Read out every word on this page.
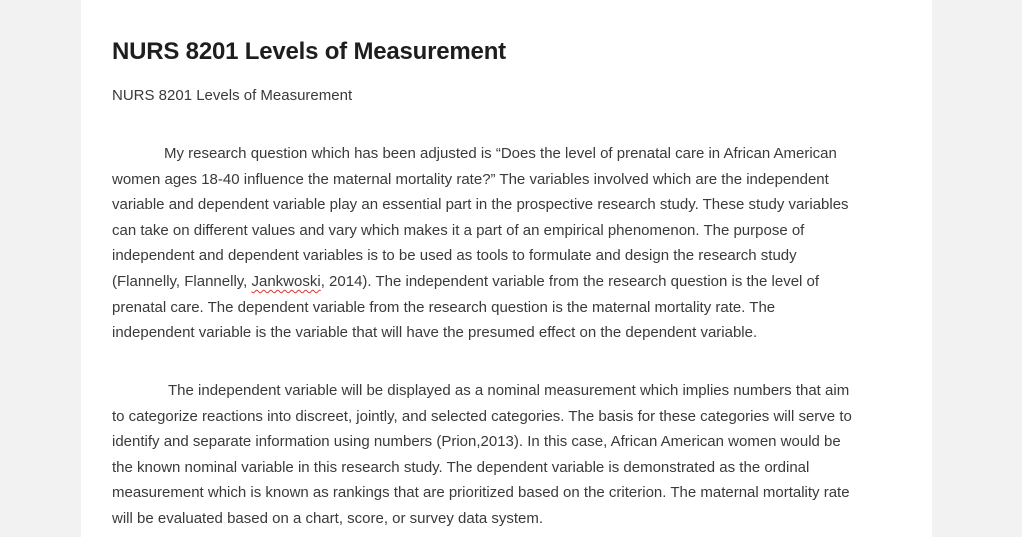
NURS 8201 Levels of Measurement

NURS 8201 Levels of Measurement

My research question which has been adjusted is “Does the level of prenatal care in African American
women ages 18-40 influence the maternal mortality rate?” The variables involved which are the independent
variable and dependent variable play an essential part in the prospective research study. These study variables
can take on different values and vary which makes it a part of an empirical phenomenon. The purpose of
independent and dependent variables is to be used as tools to formulate and design the research study
(Flannelly, Flannelly, Jankwoski, 2014). The independent variable from the research question is the level of
prenatal care. The dependent variable from the research question is the maternal mortality rate. The
independent variable is the variable that will have the presumed effect on the dependent variable.

The independent variable will be displayed as a nominal measurement which implies numbers that aim
to categorize reactions into discreet, jointly, and selected categories. The basis for these categories will serve to
identify and separate information using numbers (Prion,2013). In this case, African American women would be
the known nominal variable in this research study. The dependent variable is demonstrated as the ordinal
measurement which is known as rankings that are prioritized based on the criterion. The maternal mortality rate
will be evaluated based on a chart, score, or survey data system.
